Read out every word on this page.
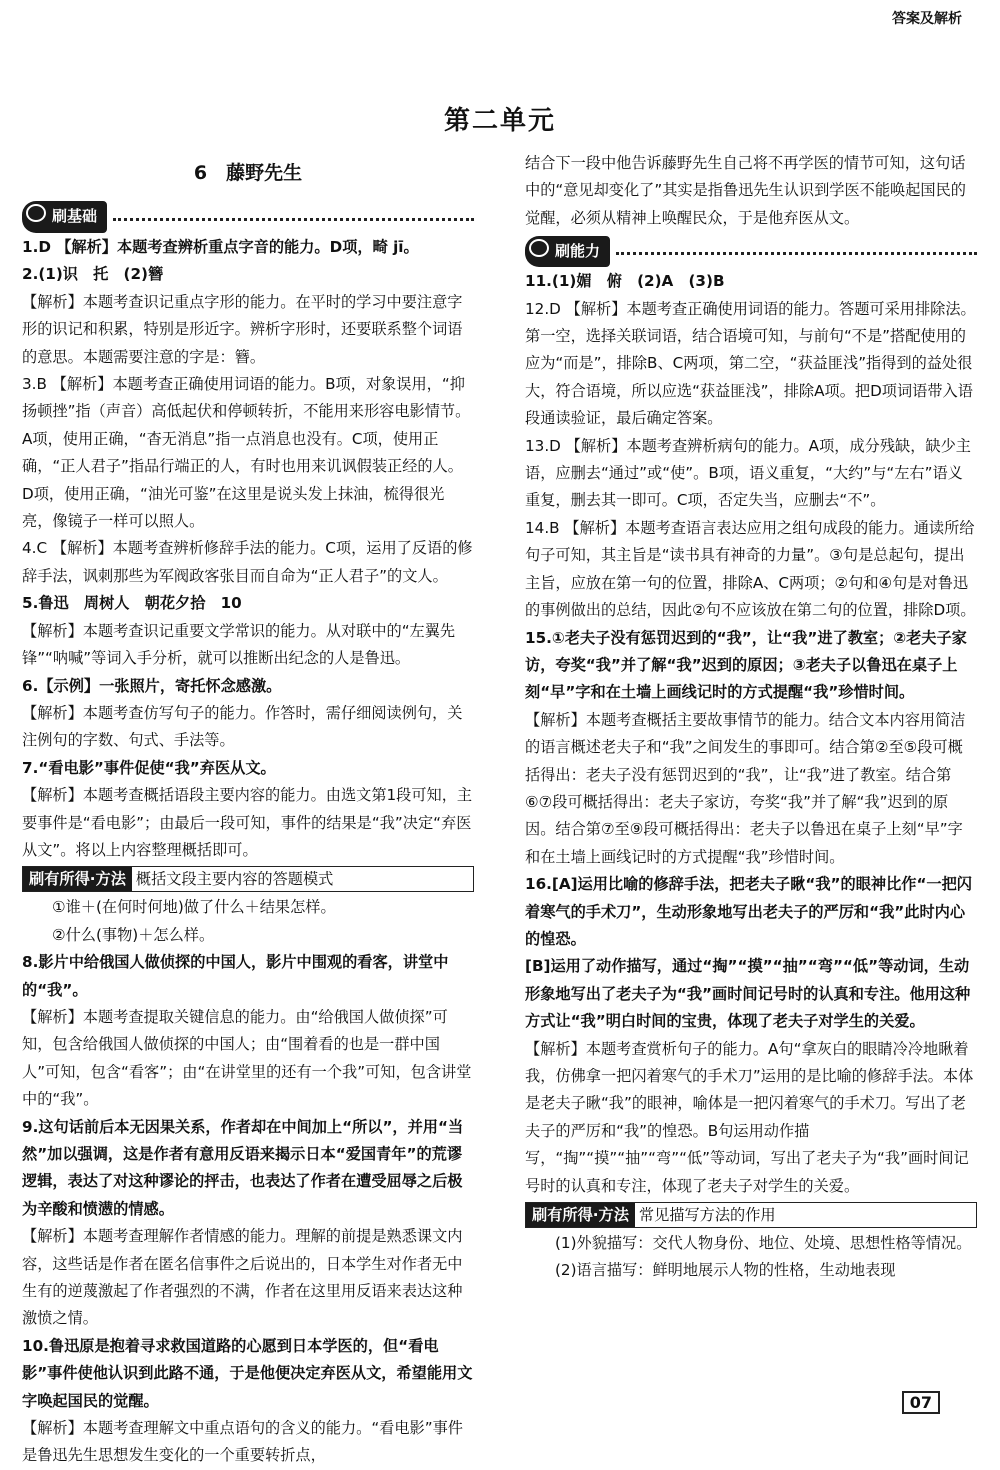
答案及解析
第二单元
6　藤野先生
刷基础

1.D 【解析】本题考查辨析重点字音的能力。D项，畸 jī。

2.(1)识　托　(2)簪

【解析】本题考查识记重点字形的能力。在平时的学习中要注意字形的识记和积累，特别是形近字。辨析字形时，还要联系整个词语的意思。本题需要注意的字是：簪。

3.B 【解析】本题考查正确使用词语的能力。B项，对象误用，“抑扬顿挫”指（声音）高低起伏和停顿转折，不能用来形容电影情节。A项，使用正确，“杳无消息”指一点消息也没有。C项，使用正确，“正人君子”指品行端正的人，有时也用来讥讽假装正经的人。D项，使用正确，“油光可鉴”在这里是说头发上抹油，梳得很光亮，像镜子一样可以照人。

4.C 【解析】本题考查辨析修辞手法的能力。C项，运用了反语的修辞手法，讽刺那些为军阀政客张目而自命为“正人君子”的文人。

5.鲁迅　周树人　朝花夕拾　10

【解析】本题考查识记重要文学常识的能力。从对联中的“左翼先锋”“呐喊”等词入手分析，就可以推断出纪念的人是鲁迅。

6.【示例】一张照片，寄托怀念感激。

【解析】本题考查仿写句子的能力。作答时，需仔细阅读例句，关注例句的字数、句式、手法等。

7.“看电影”事件促使“我”弃医从文。

【解析】本题考查概括语段主要内容的能力。由选文第1段可知，主要事件是“看电影”；由最后一段可知，事件的结果是“我”决定“弃医从文”。将以上内容整理概括即可。

刷有所得·方法 概括文段主要内容的答题模式

①谁＋(在何时何地)做了什么＋结果怎样。

②什么(事物)＋怎么样。

8.影片中给俄国人做侦探的中国人，影片中围观的看客，讲堂中的“我”。

【解析】本题考查提取关键信息的能力。由“给俄国人做侦探”可知，包含给俄国人做侦探的中国人；由“围着看的也是一群中国人”可知，包含“看客”；由“在讲堂里的还有一个我”可知，包含讲堂中的“我”。

9.这句话前后本无因果关系，作者却在中间加上“所以”，并用“当然”加以强调，这是作者有意用反语来揭示日本“爱国青年”的荒谬逻辑，表达了对这种谬论的抨击，也表达了作者在遭受屈辱之后极为辛酸和愤懑的情感。

【解析】本题考查理解作者情感的能力。理解的前提是熟悉课文内容，这些话是作者在匿名信事件之后说出的，日本学生对作者无中生有的逆蔑激起了作者强烈的不满，作者在这里用反语来表达这种激愤之情。

10.鲁迅原是抱着寻求救国道路的心愿到日本学医的，但“看电影”事件使他认识到此路不通，于是他便决定弃医从文，希望能用文字唤起国民的觉醒。

【解析】本题考查理解文中重点语句的含义的能力。“看电影”事件是鲁迅先生思想发生变化的一个重要转折点，

结合下一段中他告诉藤野先生自己将不再学医的情节可知，这句话中的“意见却变化了”其实是指鲁迅先生认识到学医不能唤起国民的觉醒，必须从精神上唤醒民众，于是他弃医从文。

刷能力

11.(1)媚　俯　(2)A　(3)B

12.D 【解析】本题考查正确使用词语的能力。答题可采用排除法。第一空，选择关联词语，结合语境可知，与前句“不是”搭配使用的应为“而是”，排除B、C两项，第二空，“获益匪浅”指得到的益处很大，符合语境，所以应选“获益匪浅”，排除A项。把D项词语带入语段通读验证，最后确定答案。

13.D 【解析】本题考查辨析病句的能力。A项，成分残缺，缺少主语，应删去“通过”或“使”。B项，语义重复，“大约”与“左右”语义重复，删去其一即可。C项，否定失当，应删去“不”。

14.B 【解析】本题考查语言表达应用之组句成段的能力。通读所给句子可知，其主旨是“读书具有神奇的力量”。③句是总起句，提出主旨，应放在第一句的位置，排除A、C两项；②句和④句是对鲁迅的事例做出的总结，因此②句不应该放在第二句的位置，排除D项。

15.①老夫子没有惩罚迟到的“我”，让“我”进了教室；②老夫子家访，夸奖“我”并了解“我”迟到的原因；③老夫子以鲁迅在桌子上刻“早”字和在土墙上画线记时的方式提醒“我”珍惜时间。

【解析】本题考查概括主要故事情节的能力。结合文本内容用简洁的语言概述老夫子和“我”之间发生的事即可。结合第②至⑤段可概括得出：老夫子没有惩罚迟到的“我”，让“我”进了教室。结合第⑥⑦段可概括得出：老夫子家访，夸奖“我”并了解“我”迟到的原因。结合第⑦至⑨段可概括得出：老夫子以鲁迅在桌子上刻“早”字和在土墙上画线记时的方式提醒“我”珍惜时间。

16.[A]运用比喻的修辞手法，把老夫子瞅“我”的眼神比作“一把闪着寒气的手术刀”，生动形象地写出老夫子的严厉和“我”此时内心的惶恐。

[B]运用了动作描写，通过“掏”“摸”“抽”“弯”“低”等动词，生动形象地写出了老夫子为“我”画时间记号时的认真和专注。他用这种方式让“我”明白时间的宝贵，体现了老夫子对学生的关爱。

【解析】本题考查赏析句子的能力。A句“拿灰白的眼睛冷冷地瞅着我，仿佛拿一把闪着寒气的手术刀”运用的是比喻的修辞手法。本体是老夫子瞅“我”的眼神，喻体是一把闪着寒气的手术刀。写出了老夫子的严厉和“我”的惶恐。B句运用动作描写，“掏”“摸”“抽”“弯”“低”等动词，写出了老夫子为“我”画时间记号时的认真和专注，体现了老夫子对学生的关爱。

刷有所得·方法 常见描写方法的作用

(1)外貌描写：交代人物身份、地位、处境、思想性格等情况。

(2)语言描写：鲜明地展示人物的性格，生动地表现

07
